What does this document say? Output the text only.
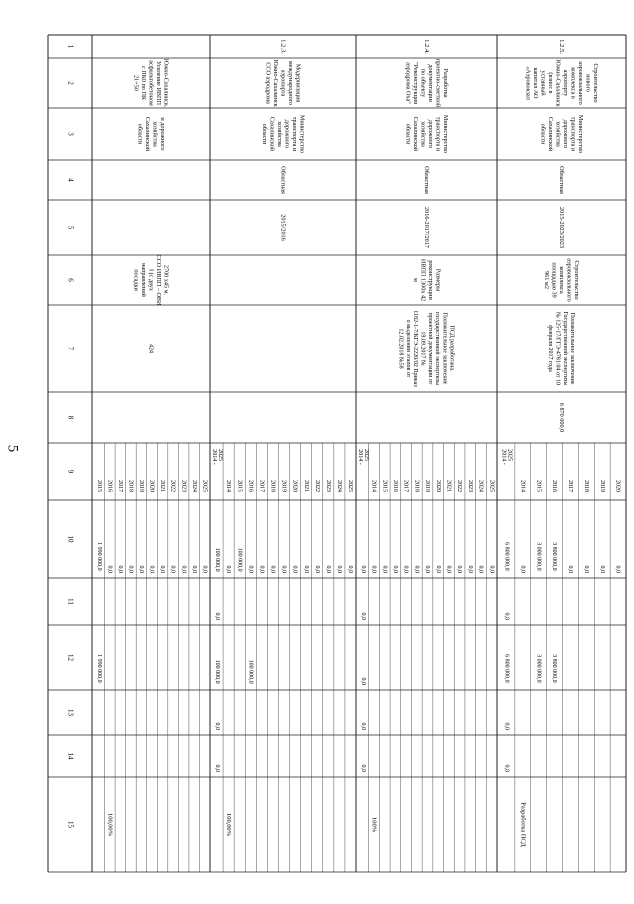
5
1
2
3
4
5
6
7
8
9
10
11
12
13
14
15
Южно-Сахалинск.
Усиление ИВПП
асфальтобетоном
с ПК0 по ПК
21+50
и дорожного
хозяйства
Сахалинской
области
2700 х45 м.
ССО ИВПП – ОВИ
I (с двух
направлений
посадки
424
2015 2016 2017 2018 2019 2020 2021 2022 2023 2024 2025
1 990 000,0 0,0 0,0 0,0 0,0 0,0 0,0 0,0 0,0 0,0 0,0
1 990 000,0
100,00%
1.2.3.
Модернизация
международного
аэропорта
Южно-Сахалинск
ССО аэродрома
Министерство
транспорта и
дорожного
хозяйства
Сахалинской
области
Областная
2015/2016
2014 - 2025
2014 2015 2016 2017 2018 2019 2020 2021 2022 2023 2024 2025
100 000,0 0,0 100 000,0 0,0 0,0 0,0 0,0 0,0 0,0 0,0 0,0 0,0 0,0
0,0
100 000,0	100 000,0
0,0
0,0
100,00%
1.2.4.
Разработка
проектно-сметной
документации
по объекту
"Реконструкция
аэродрома Оха"
Министерство
транспорта и
дорожного
хозяйства
Сахалинской
области
Областная
2016-2017/2017
Размеры
реконструкции
ИВПП 1300х 42
м
ПСД разработана.
Положительное заключение
государственной экспертизы
проектной документации от
19.09.2017 №
1182-1-7/КГЭ-2220/02 Приказ
о выделении этапов от
12.02.2018 №58
2014 - 2025
2014 2015 2016 2017 2018 2019 2020 2021 2022 2023 2024 2025
0,0 0,0 0,0 0,0 0,0 0,0 0,0 0,0 0,0 0,0 0,0 0,0 0,0
0,0
0,0
0,0
0,0
100%
1.2.5.
Строительство
нового
аэровокзального
комплекса в
аэропорту
Южно-Сахалинск
(взнос в
уставный
капитал АО
«Аэровокзал
Министерство
транспорта и
дорожного
хозяйства
Сахалинской
области
Областная
2015-2023/2023
Строительство
аэровокзального
комплекса
площадью 39
961 м2
Положительное заключение
Государственной экспертизы
№ 125-17/ГГЭ-4781/04 от 10
февраля 2017 года
6 870 000,0
2014 - 2025
2014 2015 2016 2017 2018 2019 2020
6 800 000,0 0,0 3 000 000,0 3 800 000,0 0,0 0,0 0,0 0,0
0,0
6 800 000,0	3 000 000,0 3 800 000,0
0,0
0,0
Разработка ПСД
